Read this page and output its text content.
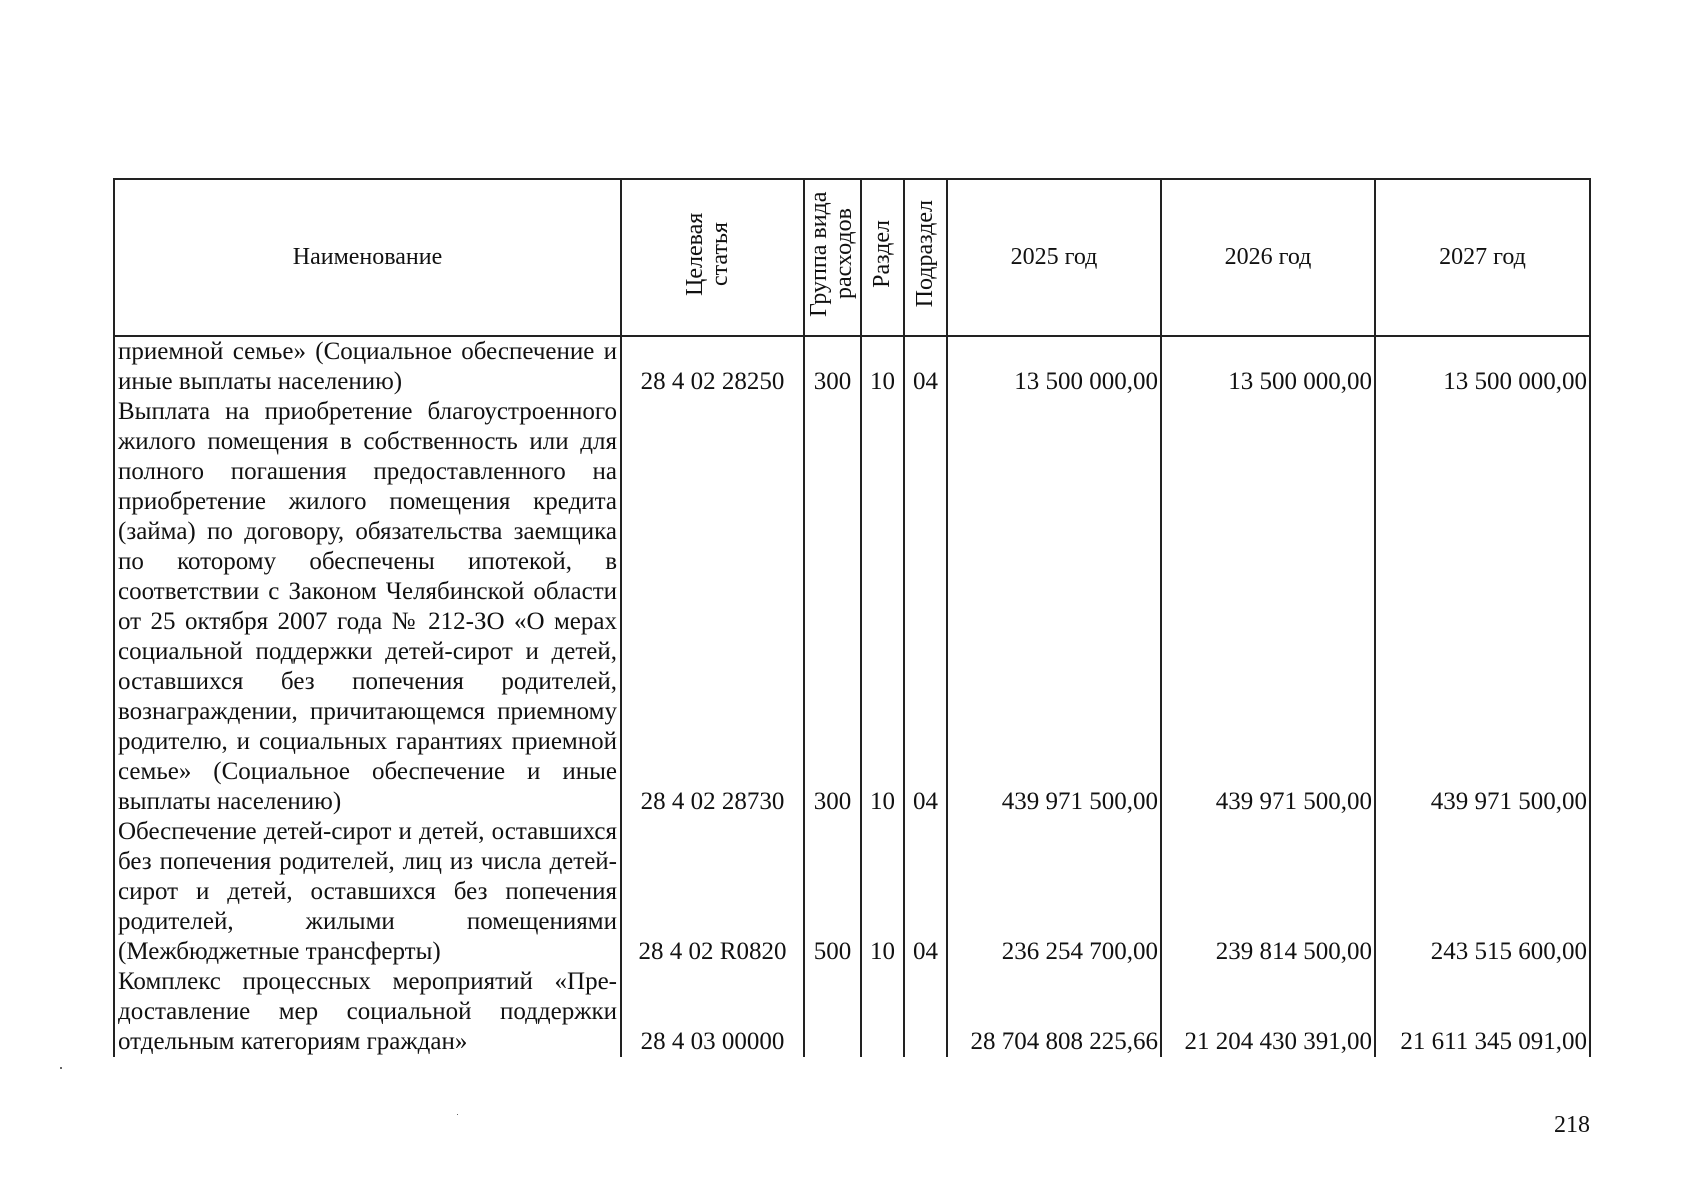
Наименование	Целевая статья	Группа вида расходов	Раздел	Подраздел	2025 год	2026 год	2027 год
приемной семье» (Социальное обеспечение и иные выплаты населению)	28 4 02 28250	300	10	04	13 500 000,00	13 500 000,00	13 500 000,00
Выплата на приобретение благоустроенного жилого помещения в собственность или для полного погашения предоставленного на приобретение жилого помещения кредита (займа) по договору, обязательства заемщика по которому обеспечены ипотекой, в соответствии с Законом Челябинской области от 25 октября 2007 года № 212-ЗО «О мерах социальной поддержки детей-сирот и детей, оставшихся без попечения родителей, вознаграждении, причитающемся приемному родителю, и социальных гарантиях приемной семье» (Социальное обеспечение и иные выплаты населению)	28 4 02 28730	300	10	04	439 971 500,00	439 971 500,00	439 971 500,00
Обеспечение детей-сирот и детей, оставшихся без попечения родителей, лиц из числа детей-сирот и детей, оставшихся без попечения родителей, жилыми помещениями (Межбюджетные трансферты)	28 4 02 R0820	500	10	04	236 254 700,00	239 814 500,00	243 515 600,00
Комплекс процессных мероприятий «Предоставление мер социальной поддержки отдельным категориям граждан»	28 4 03 00000				28 704 808 225,66	21 204 430 391,00	21 611 345 091,00
218
